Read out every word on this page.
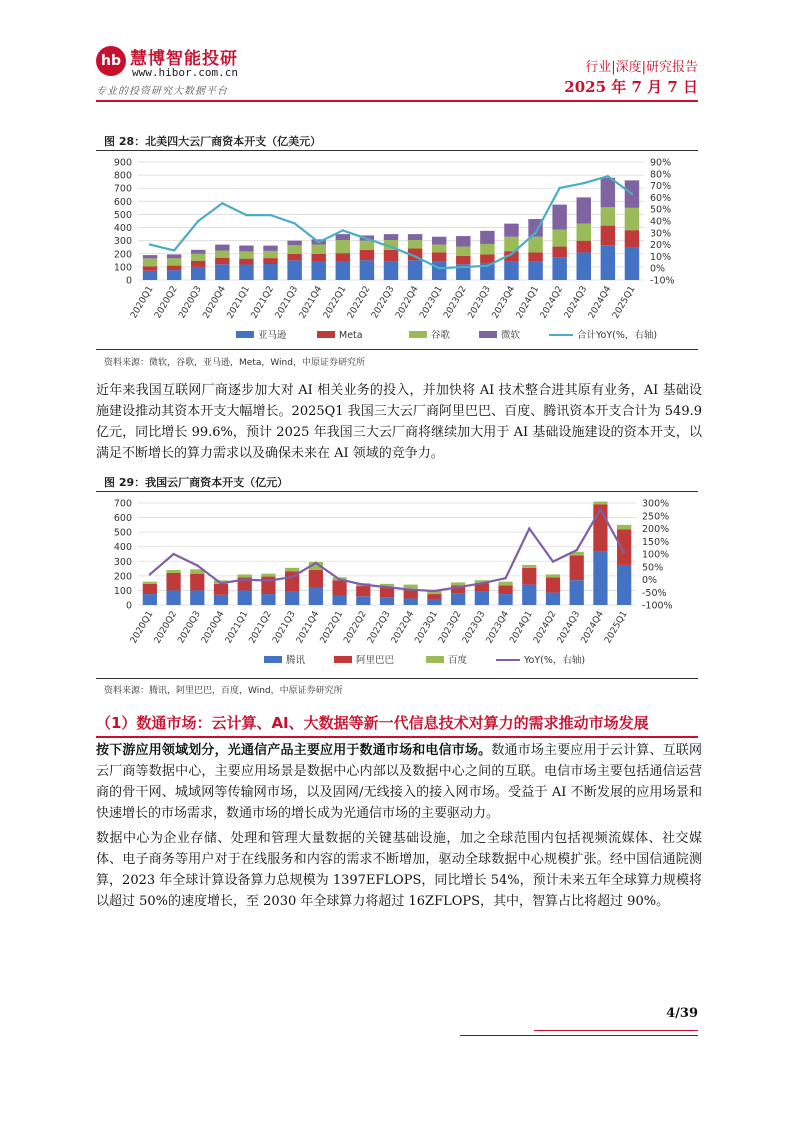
hb 慧博智能投研
www.hibor.com.cn
专业的投资研究大数据平台
行业|深度|研究报告
2025 年 7 月 7 日
图 28：北美四大云厂商资本开支（亿美元）
0
100
200
300
400
500
600
700
800
900	90%
80%
70%
60%
50%
40%
30%
20%
10%
0%
-10%
2020Q1
2020Q2
2020Q3
2020Q4
2021Q1
2021Q2
2021Q3
2021Q4
2022Q1
2022Q2
2022Q3
2022Q4
2023Q1
2023Q2
2023Q3
2023Q4
2024Q1
2024Q2
2024Q3
2024Q4
2025Q1
亚马逊	Meta	谷歌	微软	合计YoY(%，右轴)
资料来源：微软，谷歌，亚马逊，Meta，Wind，中原证券研究所
近年来我国互联网厂商逐步加大对 AI 相关业务的投入，并加快将 AI 技术整合进其原有业务，AI 基础设施建设推动其资本开支大幅增长。2025Q1 我国三大云厂商阿里巴巴、百度、腾讯资本开支合计为 549.9 亿元，同比增长 99.6%，预计 2025 年我国三大云厂商将继续加大用于 AI 基础设施建设的资本开支，以满足不断增长的算力需求以及确保未来在 AI 领域的竞争力。
图 29：我国云厂商资本开支（亿元）
0
100
200
300
400
500
600
700	300%
250%
200%
150%
100%
50%
0%
-50%
-100%
2020Q1
2020Q2
2020Q3
2020Q4
2021Q1
2021Q2
2021Q3
2021Q4
2022Q1
2022Q2
2022Q3
2022Q4
2023Q1
2023Q2
2023Q3
2023Q4
2024Q1
2024Q2
2024Q3
2024Q4
2025Q1
腾讯	阿里巴巴	百度	YoY(%，右轴)
资料来源：腾讯，阿里巴巴，百度，Wind，中原证券研究所
（1）数通市场：云计算、AI、大数据等新一代信息技术对算力的需求推动市场发展
按下游应用领域划分，光通信产品主要应用于数通市场和电信市场。数通市场主要应用于云计算、互联网云厂商等数据中心，主要应用场景是数据中心内部以及数据中心之间的互联。电信市场主要包括通信运营商的骨干网、城域网等传输网市场，以及固网/无线接入的接入网市场。受益于 AI 不断发展的应用场景和快速增长的市场需求，数通市场的增长成为光通信市场的主要驱动力。
数据中心为企业存储、处理和管理大量数据的关键基础设施，加之全球范围内包括视频流媒体、社交媒体、电子商务等用户对于在线服务和内容的需求不断增加，驱动全球数据中心规模扩张。经中国信通院测算，2023 年全球计算设备算力总规模为 1397EFLOPS，同比增长 54%，预计未来五年全球算力规模将以超过 50%的速度增长，至 2030 年全球算力将超过 16ZFLOPS，其中，智算占比将超过 90%。
4/39
